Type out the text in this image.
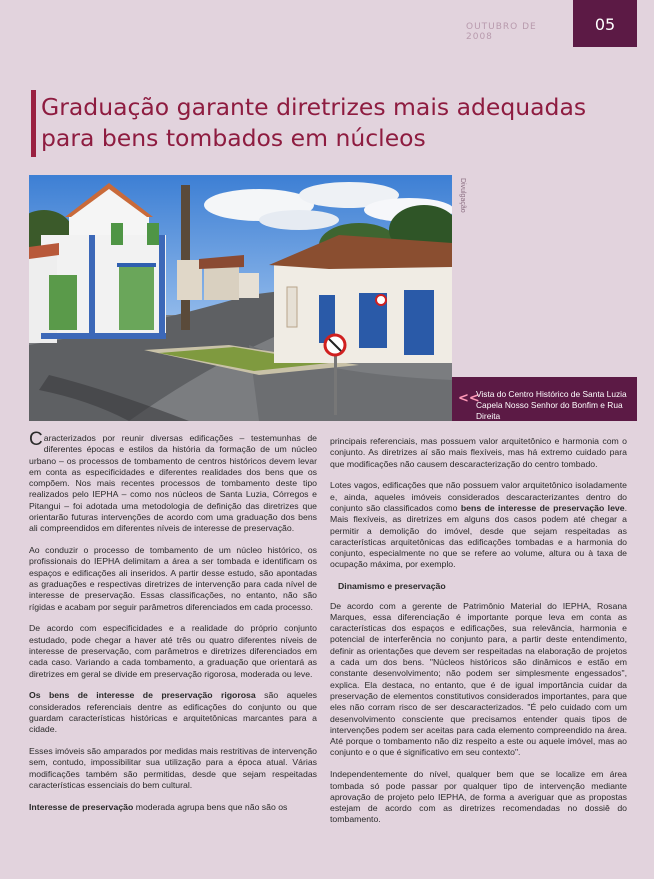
OUTUBRO DE 2008
05
Graduação garante diretrizes mais adequadas
para bens tombados em núcleos
Divulgação
<<
Vista do Centro Histórico de Santa Luzia
Capela Nosso Senhor do Bonfim e Rua Direita

Caracterizados por reunir diversas edificações – testemunhas de diferentes épocas e estilos da história da formação de um núcleo urbano – os processos de tombamento de centros históricos devem levar em conta as especificidades e diferentes realidades dos bens que os compõem. Nos mais recentes processos de tombamento deste tipo realizados pelo IEPHA – como nos núcleos de Santa Luzia, Córregos e Pitangui – foi adotada uma metodologia de definição das diretrizes que orientarão futuras intervenções de acordo com uma graduação dos bens ali compreendidos em diferentes níveis de interesse de preservação.

Ao conduzir o processo de tombamento de um núcleo histórico, os profissionais do IEPHA delimitam a área a ser tombada e identificam os espaços e edificações ali inseridos. A partir desse estudo, são apontadas as graduações e respectivas diretrizes de intervenção para cada nível de interesse de preservação. Essas classificações, no entanto, não são rígidas e acabam por seguir parâmetros diferenciados em cada processo.

De acordo com especificidades e a realidade do próprio conjunto estudado, pode chegar a haver até três ou quatro diferentes níveis de interesse de preservação, com parâmetros e diretrizes diferenciados em cada caso. Variando a cada tombamento, a graduação que orientará as diretrizes em geral se divide em preservação rigorosa, moderada ou leve.

Os bens de interesse de preservação rigorosa são aqueles considerados referenciais dentre as edificações do conjunto ou que guardam características históricas e arquitetônicas marcantes para a cidade.

Esses imóveis são amparados por medidas mais restritivas de intervenção sem, contudo, impossibilitar sua utilização para a época atual. Várias modificações também são permitidas, desde que sejam respeitadas características essenciais do bem cultural.

Interesse de preservação moderada agrupa bens que não são os

principais referenciais, mas possuem valor arquitetônico e harmonia com o conjunto. As diretrizes aí são mais flexíveis, mas há extremo cuidado para que modificações não causem descaracterização do centro tombado.

Lotes vagos, edificações que não possuem valor arquitetônico isoladamente e, ainda, aqueles imóveis considerados descaracterizantes dentro do conjunto são classificados como bens de interesse de preservação leve. Mais flexíveis, as diretrizes em alguns dos casos podem até chegar a permitir a demolição do imóvel, desde que sejam respeitadas as características arquitetônicas das edificações tombadas e a harmonia do conjunto, especialmente no que se refere ao volume, altura ou à taxa de ocupação máxima, por exemplo.

Dinamismo e preservação

De acordo com a gerente de Patrimônio Material do IEPHA, Rosana Marques, essa diferenciação é importante porque leva em conta as características dos espaços e edificações, sua relevância, harmonia e potencial de interferência no conjunto para, a partir deste entendimento, definir as orientações que devem ser respeitadas na elaboração de projetos a cada um dos bens. "Núcleos históricos são dinâmicos e estão em constante desenvolvimento; não podem ser simplesmente engessados", explica. Ela destaca, no entanto, que é de igual importância cuidar da preservação de elementos constitutivos considerados importantes, para que eles não corram risco de ser descaracterizados. "É pelo cuidado com um desenvolvimento consciente que precisamos entender quais tipos de intervenções podem ser aceitas para cada elemento compreendido na área. Até porque o tombamento não diz respeito a este ou aquele imóvel, mas ao conjunto e o que é significativo em seu contexto".

Independentemente do nível, qualquer bem que se localize em área tombada só pode passar por qualquer tipo de intervenção mediante aprovação de projeto pelo IEPHA, de forma a averiguar que as propostas estejam de acordo com as diretrizes recomendadas no dossiê do tombamento.
